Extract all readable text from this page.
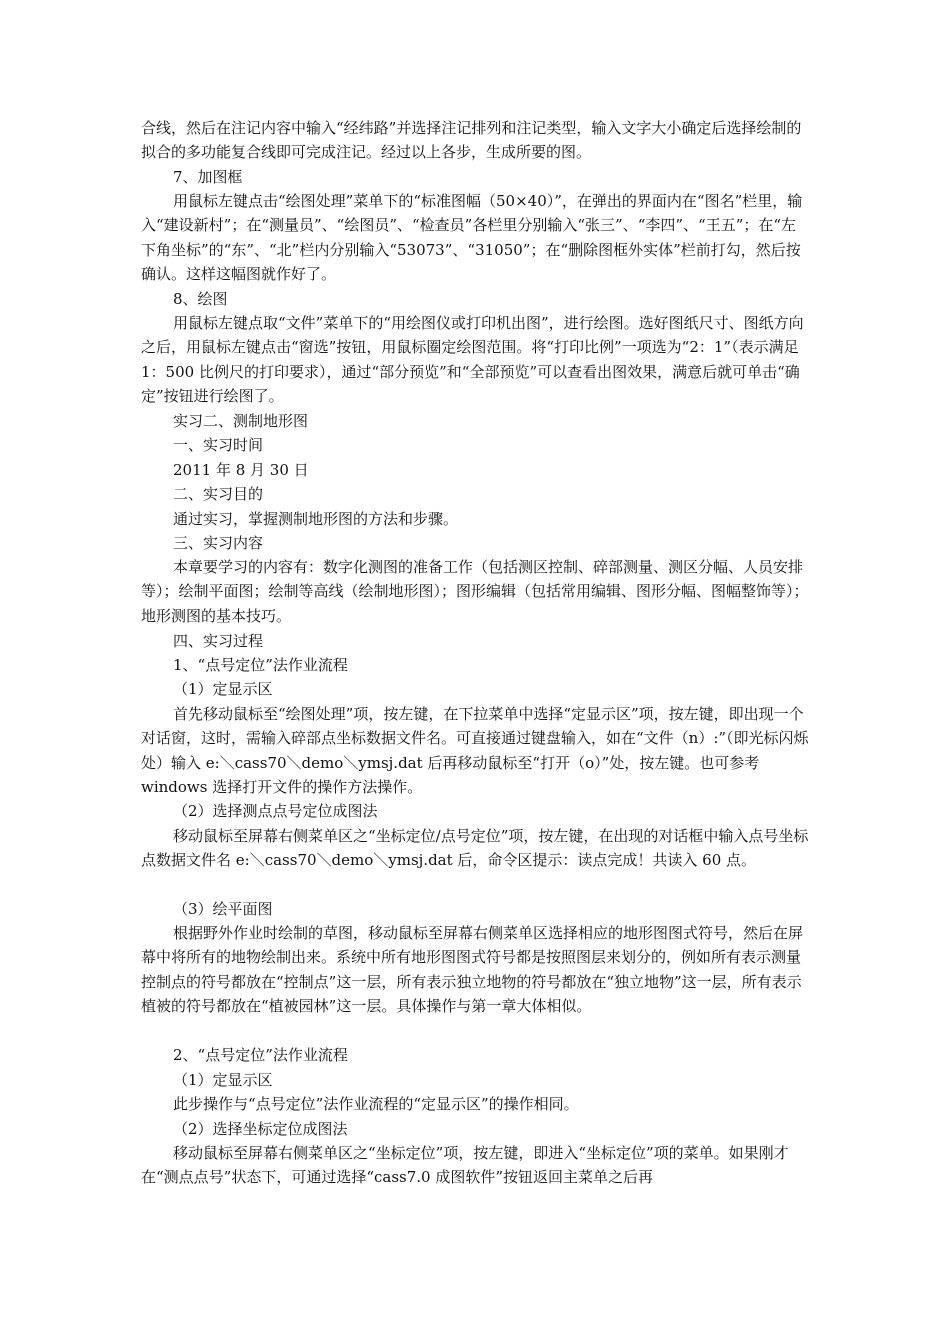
合线，然后在注记内容中输入“经纬路”并选择注记排列和注记类型，输入文字大小确定后选择绘制的拟合的多功能复合线即可完成注记。经过以上各步，生成所要的图。

7、加图框

用鼠标左键点击“绘图处理”菜单下的“标准图幅（50×40）”，在弹出的界面内在“图名”栏里，输入“建设新村”；在“测量员”、“绘图员”、“检查员”各栏里分别输入“张三”、“李四”、“王五”；在“左下角坐标”的“东”、“北”栏内分别输入“53073”、“31050”；在“删除图框外实体”栏前打勾，然后按确认。这样这幅图就作好了。

8、绘图

用鼠标左键点取“文件”菜单下的“用绘图仪或打印机出图”，进行绘图。选好图纸尺寸、图纸方向之后，用鼠标左键点击“窗选”按钮，用鼠标圈定绘图范围。将“打印比例”一项选为“2：1”（表示满足 1：500 比例尺的打印要求），通过“部分预览”和“全部预览”可以查看出图效果，满意后就可单击“确定”按钮进行绘图了。

实习二、测制地形图

一、实习时间

2011 年 8 月 30 日

二、实习目的

通过实习，掌握测制地形图的方法和步骤。

三、实习内容

本章要学习的内容有：数字化测图的准备工作（包括测区控制、碎部测量、测区分幅、人员安排等）；绘制平面图；绘制等高线（绘制地形图）；图形编辑（包括常用编辑、图形分幅、图幅整饰等）；地形测图的基本技巧。

四、实习过程

1、“点号定位”法作业流程

（1）定显示区

首先移动鼠标至“绘图处理”项，按左键，在下拉菜单中选择“定显示区”项，按左键，即出现一个对话窗，这时，需输入碎部点坐标数据文件名。可直接通过键盘输入，如在“文件（n）:”（即光标闪烁处）输入 e:＼cass70＼demo＼ymsj.dat 后再移动鼠标至“打开（o）”处，按左键。也可参考 windows 选择打开文件的操作方法操作。

（2）选择测点点号定位成图法

移动鼠标至屏幕右侧菜单区之“坐标定位/点号定位”项，按左键，在出现的对话框中输入点号坐标点数据文件名 e:＼cass70＼demo＼ymsj.dat 后，命令区提示：读点完成！共读入 60 点。

（3）绘平面图

根据野外作业时绘制的草图，移动鼠标至屏幕右侧菜单区选择相应的地形图图式符号，然后在屏幕中将所有的地物绘制出来。系统中所有地形图图式符号都是按照图层来划分的，例如所有表示测量控制点的符号都放在“控制点”这一层，所有表示独立地物的符号都放在“独立地物”这一层，所有表示植被的符号都放在“植被园林”这一层。具体操作与第一章大体相似。

2、“点号定位”法作业流程

（1）定显示区

此步操作与“点号定位”法作业流程的“定显示区”的操作相同。

（2）选择坐标定位成图法

移动鼠标至屏幕右侧菜单区之“坐标定位”项，按左键，即进入“坐标定位”项的菜单。如果刚才在“测点点号”状态下，可通过选择“cass7.0 成图软件”按钮返回主菜单之后再
